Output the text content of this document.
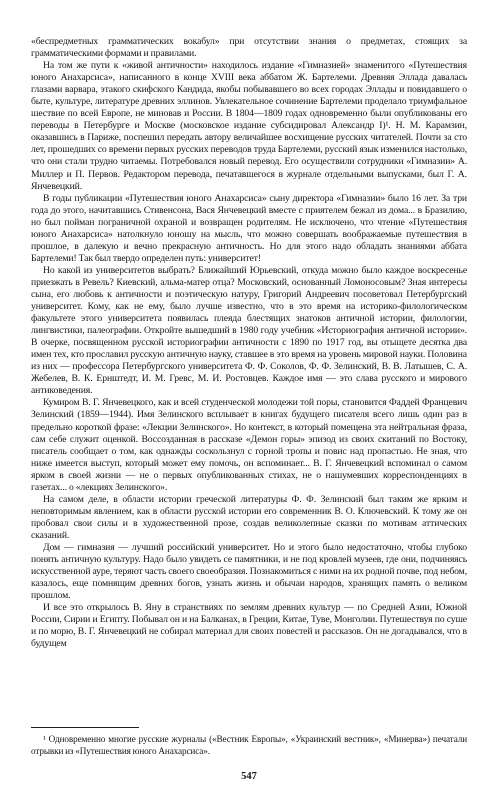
«беспредметных грамматических вокабул» при отсутствии знания о предметах, стоящих за грамматическими формами и правилами.

На том же пути к «живой античности» находилось издание «Гимназией» знаменитого «Путешествия юного Анахарсиса», написанного в конце XVIII века аббатом Ж. Бартелеми. Древняя Эллада давалась глазами варвара, этакого скифского Кандида, якобы побывавшего во всех городах Эллады и повидавшего о быте, культуре, литературе древних эллинов. Увлекательное сочинение Бартелеми проделало триумфальное шествие по всей Европе, не миновав и России. В 1804—1809 годах одновременно были опубликованы его переводы в Петербурге и Москве (московское издание субсидировал Александр I)¹. Н. М. Карамзин, оказавшись в Париже, поспешил передать автору величайшее восхищение русских читателей. Почти за сто лет, прошедших со времени первых русских переводов труда Бартелеми, русский язык изменился настолько, что они стали трудно читаемы. Потребовался новый перевод. Его осуществили сотрудники «Гимназии» А. Миллер и П. Первов. Редактором перевода, печатавшегося в журнале отдельными выпусками, был Г. А. Янчевецкий.

В годы публикации «Путешествия юного Анахарсиса» сыну директора «Гимназии» было 16 лет. За три года до этого, начитавшись Стивенсона, Вася Янчевецкий вместе с приятелем бежал из дома... в Бразилию, но был пойман пограничной охраной и возвращен родителям. Не исключено, что чтение «Путешествия юного Анахарсиса» натолкнуло юношу на мысль, что можно совершать воображаемые путешествия в прошлое, в далекую и вечно прекрасную античность. Но для этого надо обладать знаниями аббата Бартелеми! Так был твердо определен путь: университет!

Но какой из университетов выбрать? Ближайший Юрьевский, откуда можно было каждое воскресенье приезжать в Ревель? Киевский, альма-матер отца? Московский, основанный Ломоносовым? Зная интересы сына, его любовь к античности и поэтическую натуру, Григорий Андреевич посоветовал Петербургский университет. Кому, как не ему, было лучше известно, что в это время на историко-филологическом факультете этого университета появилась плеяда блестящих знатоков античной истории, филологии, лингвистики, палеографии. Откройте вышедший в 1980 году учебник «Историография античной истории». В очерке, посвященном русской историографии античности с 1890 по 1917 год, вы отыщете десятка два имен тех, кто прославил русскую античную науку, ставшее в это время на уровень мировой науки. Половина из них — профессора Петербургского университета Ф. Ф. Соколов, Ф. Ф. Зелинский, В. В. Латышев, С. А. Жебелев, В. К. Ернштедт, И. М. Гревс, М. И. Ростовцев. Каждое имя — это слава русского и мирового антиковедения.

Кумиром В. Г. Янчевецкого, как и всей студенческой молодежи той поры, становится Фаддей Францевич Зелинский (1859—1944). Имя Зелинского всплывает в книгах будущего писателя всего лишь один раз в предельно короткой фразе: «Лекции Зелинского». Но контекст, в который помещена эта нейтральная фраза, сам себе служит оценкой. Воссозданная в рассказе «Демон горы» эпизод из своих скитаний по Востоку, писатель сообщает о том, как однажды соскользнул с горной тропы и повис над пропастью. Не зная, что нижe имеется выступ, который может ему помочь, он вспоминает... В. Г. Янчевецкий вспоминал о самом ярком в своей жизни — не о первых опубликованных стихах, не о нашумевших корреспонденциях в газетах... о «лекциях Зелинского».

На самом деле, в области истории греческой литературы Ф. Ф. Зелинский был таким же ярким и неповторимым явлением, как в области русской истории его современник В. О. Ключевский. К тому же он пробовал свои силы и в художественной прозе, создав великолепные сказки по мотивам аттических сказаний.

Дом — гимназия — лучший российский университет. Но и этого было недостаточно, чтобы глубоко понять античную культуру. Надо было увидеть се памятники, и не под кровлей музеев, где они, подчиняясь искусственной ауре, теряют часть своего своеобразия. Познакомиться с ними на их родной почве, под небом, казалось, еще помнящим древних богов, узнать жизнь и обычаи народов, хранящих память о великом прошлом.

И все это открылось В. Яну в странствиях по землям древних культур — по Средней Азии, Южной России, Сирии и Египту. Побывал он и на Балканах, в Греции, Китае, Туве, Монголии. Путешествуя по суше и по морю, В. Г. Янчевецкий не собирал материал для своих повестей и рассказов. Он не догадывался, что в будущем

¹ Одновременно многие русские журналы («Вестник Европы», «Украинский вестник», «Минерва») печатали отрывки из «Путешествия юного Анахарсиса».

547
